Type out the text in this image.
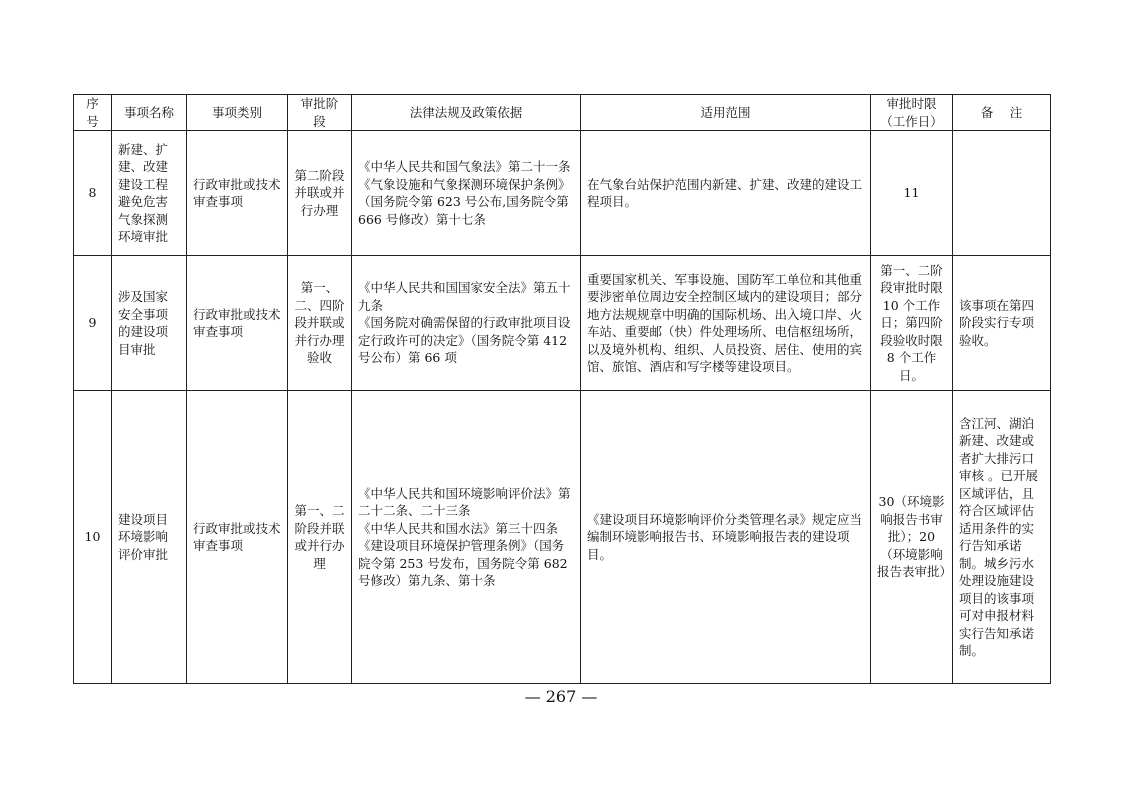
序号	事项名称	事项类别	审批阶段	法律法规及政策依据	适用范围	审批时限
（工作日）	备　 注
8	新建、扩建、改建建设工程避免危害气象探测环境审批	行政审批或技术审查事项	第二阶段并联或并行办理	《中华人民共和国气象法》第二十一条
《气象设施和气象探测环境保护条例》（国务院令第 623 号公布,国务院令第 666 号修改）第十七条	在气象台站保护范围内新建、扩建、改建的建设工程项目。	11	
9	涉及国家安全事项的建设项目审批	行政审批或技术审查事项	第一、二、四阶段并联或并行办理验收	《中华人民共和国国家安全法》第五十九条
《国务院对确需保留的行政审批项目设定行政许可的决定》（国务院令第 412 号公布）第 66 项	重要国家机关、军事设施、国防军工单位和其他重要涉密单位周边安全控制区域内的建设项目；部分地方法规规章中明确的国际机场、出入境口岸、火车站、重要邮（快）件处理场所、电信枢纽场所，以及境外机构、组织、人员投资、居住、使用的宾馆、旅馆、酒店和写字楼等建设项目。	第一、二阶段审批时限 10 个工作日；第四阶段验收时限 8 个工作日。	该事项在第四阶段实行专项验收。
10	建设项目环境影响评价审批	行政审批或技术审查事项	第一、二阶段并联或并行办理	《中华人民共和国环境影响评价法》第二十二条、二十三条
《中华人民共和国水法》第三十四条
《建设项目环境保护管理条例》（国务院令第 253 号发布，国务院令第 682 号修改）第九条、第十条	《建设项目环境影响评价分类管理名录》规定应当编制环境影响报告书、环境影响报告表的建设项目。	30（环境影响报告书审批）；20（环境影响报告表审批）	含江河、湖泊新建、改建或者扩大排污口审核 。已开展区域评估，且符合区域评估适用条件的实行告知承诺制。城乡污水处理设施建设项目的该事项可对申报材料实行告知承诺制。
— 267 —
